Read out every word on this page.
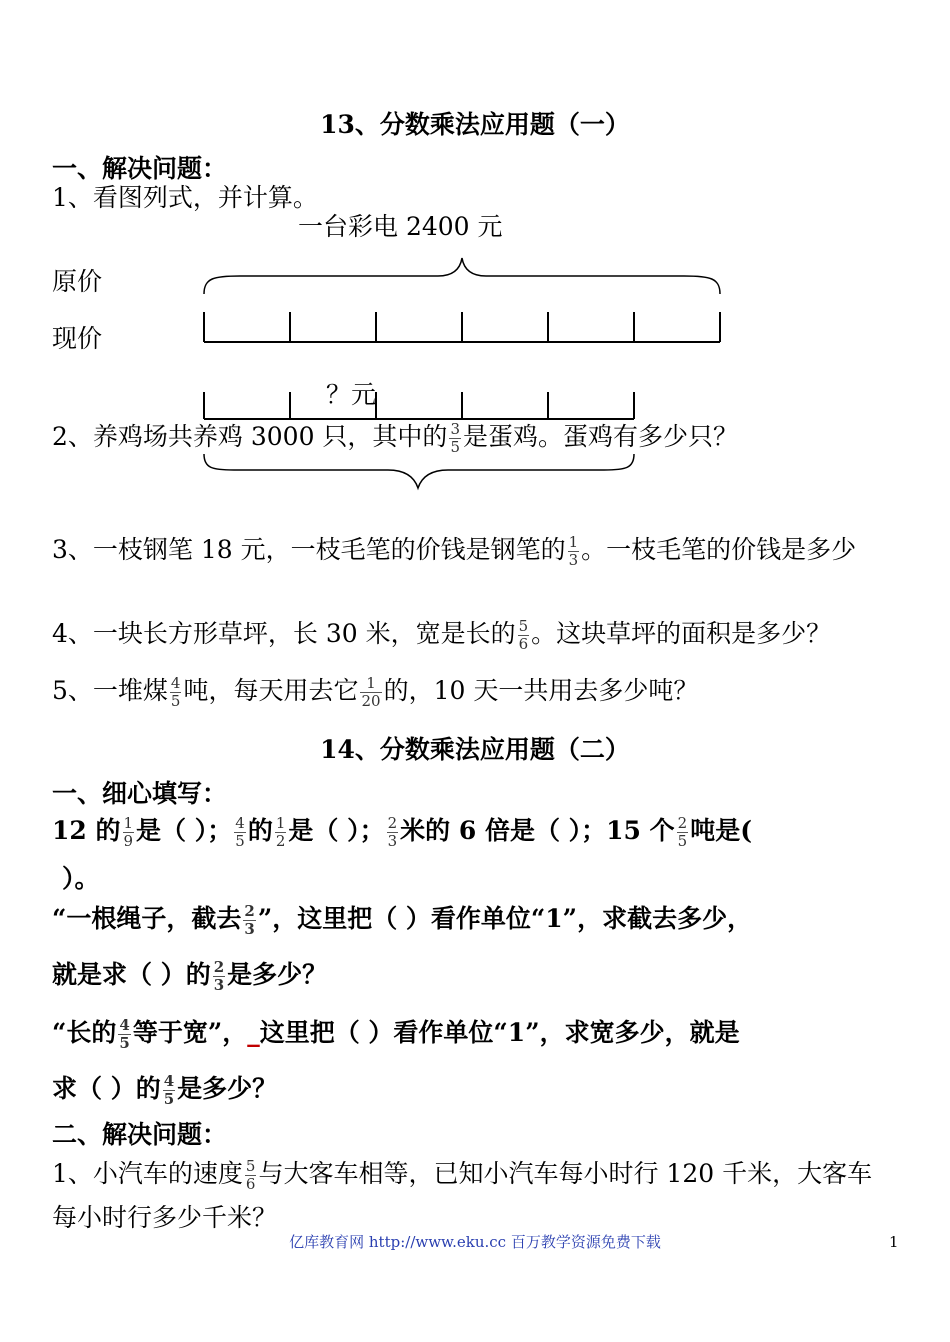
13、分数乘法应用题（一）
一、解决问题：
1、看图列式，并计算。
一台彩电 2400 元
原价
现价
？元
2、养鸡场共养鸡 3000 只，其中的 $\frac{3}{5}$ 是蛋鸡。蛋鸡有多少只？
3、一枝钢笔 18 元，一枝毛笔的价钱是钢笔的 $\frac{1}{3}$ 。一枝毛笔的价钱是多少
4、一块长方形草坪，长 30 米，宽是长的 $\frac{5}{6}$ 。这块草坪的面积是多少？
5、一堆煤 $\frac{4}{5}$ 吨，每天用去它 $\frac{1}{20}$ 的，10 天一共用去多少吨？
14、分数乘法应用题（二）
一、细心填写：
12 的 $\frac{1}{9}$ 是（ ）； $\frac{4}{5}$ 的 $\frac{1}{2}$ 是（ ）； $\frac{2}{3}$ 米的 6 倍是（ ）；15 个 $\frac{2}{5}$ 吨是(
）。
“一根绳子，截去 $\frac{2}{3}$ ”，这里把（ ）看作单位“1”，求截去多少，
就是求（ ）的 $\frac{2}{3}$ 是多少？
“长的 $\frac{4}{5}$ 等于宽”，_这里把（ ）看作单位“1”，求宽多少，就是
求（ ）的 $\frac{4}{5}$ 是多少？
二、解决问题：
1、小汽车的速度 $\frac{5}{6}$ 与大客车相等，已知小汽车每小时行 120 千米，大客车
每小时行多少千米？
亿库教育网 http://www.eku.cc 百万教学资源免费下载	1
